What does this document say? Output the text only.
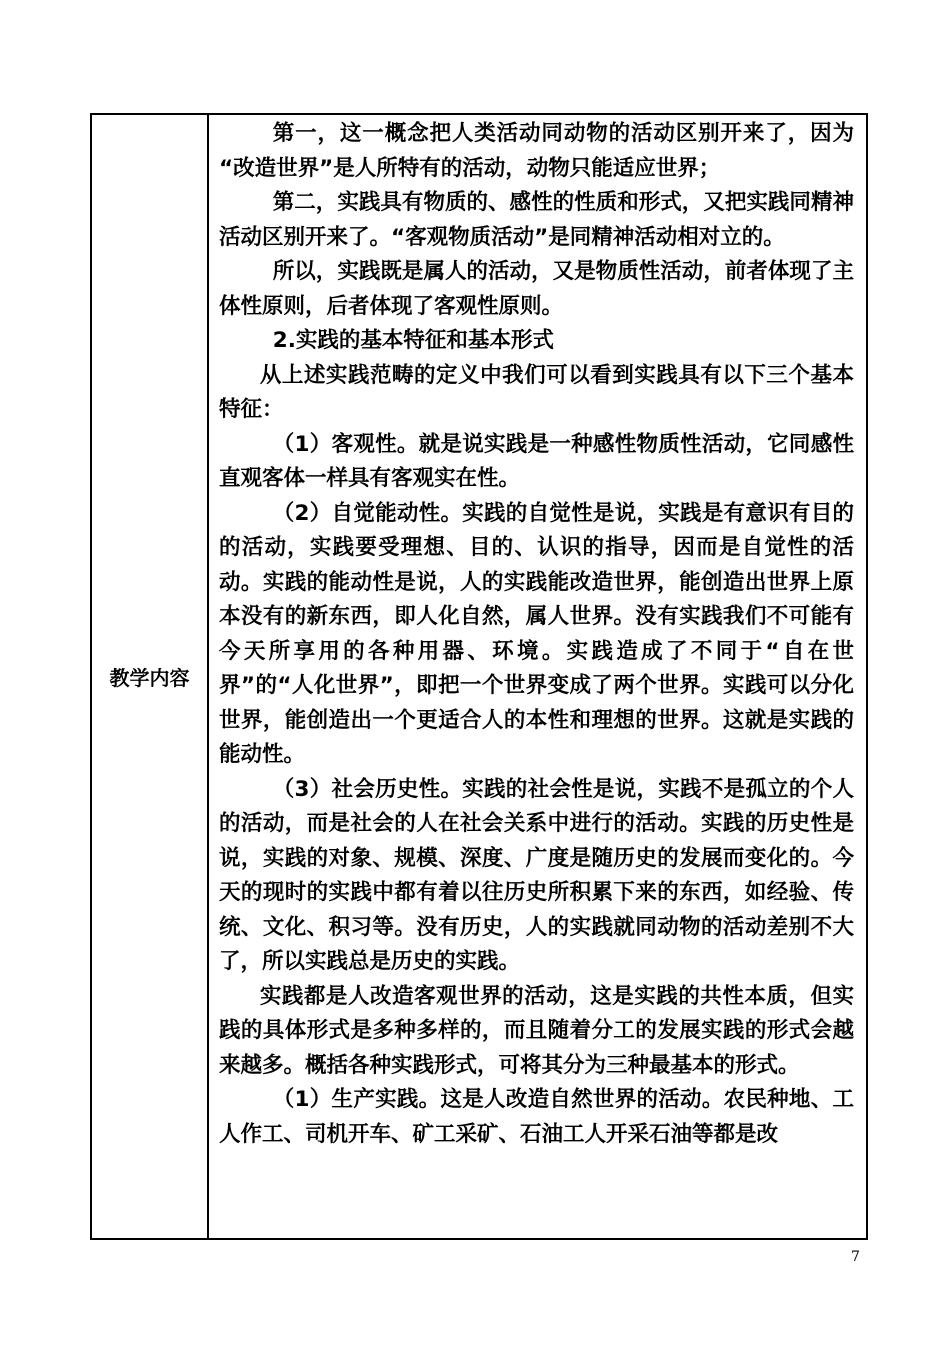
教学内容

第一，这一概念把人类活动同动物的活动区别开来了，因为 “改造世界”是人所特有的活动，动物只能适应世界；

第二，实践具有物质的、感性的性质和形式，又把实践同精神活动区别开来了。“客观物质活动”是同精神活动相对立的。

所以，实践既是属人的活动，又是物质性活动，前者体现了主体性原则，后者体现了客观性原则。

2.实践的基本特征和基本形式

从上述实践范畴的定义中我们可以看到实践具有以下三个基本特征：

（1）客观性。就是说实践是一种感性物质性活动，它同感性直观客体一样具有客观实在性。

（2）自觉能动性。实践的自觉性是说，实践是有意识有目的的活动，实践要受理想、目的、认识的指导，因而是自觉性的活动。实践的能动性是说，人的实践能改造世界，能创造出世界上原本没有的新东西，即人化自然，属人世界。没有实践我们不可能有今天所享用的各种用器、环境。实践造成了不同于“自在世界”的“人化世界”，即把一个世界变成了两个世界。实践可以分化世界，能创造出一个更适合人的本性和理想的世界。这就是实践的能动性。

（3）社会历史性。实践的社会性是说，实践不是孤立的个人的活动，而是社会的人在社会关系中进行的活动。实践的历史性是说，实践的对象、规模、深度、广度是随历史的发展而变化的。今天的现时的实践中都有着以往历史所积累下来的东西，如经验、传统、文化、积习等。没有历史，人的实践就同动物的活动差别不大了，所以实践总是历史的实践。

实践都是人改造客观世界的活动，这是实践的共性本质，但实践的具体形式是多种多样的，而且随着分工的发展实践的形式会越来越多。概括各种实践形式，可将其分为三种最基本的形式。

（1）生产实践。这是人改造自然世界的活动。农民种地、工人作工、司机开车、矿工采矿、石油工人开采石油等都是改

7
